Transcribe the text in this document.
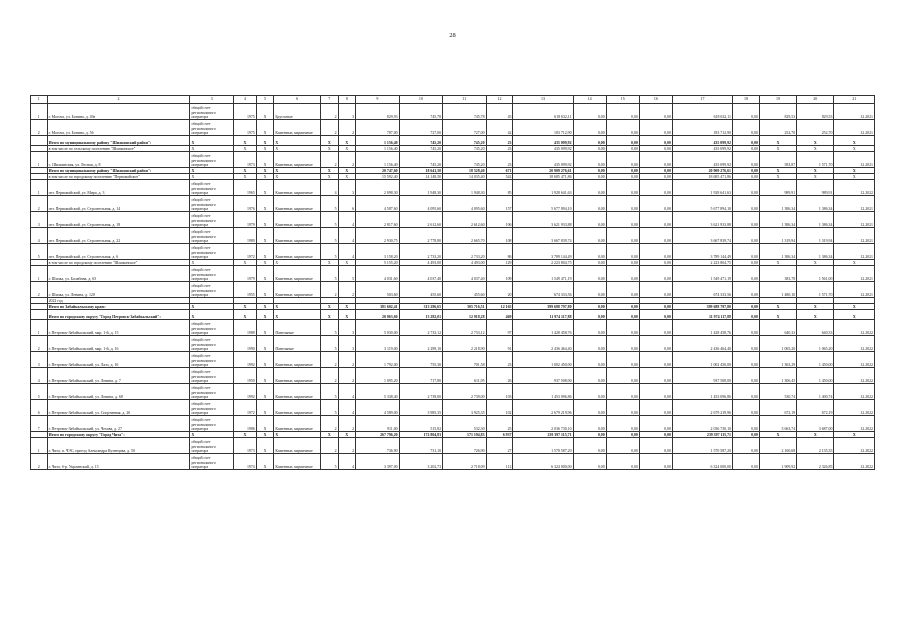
28
1	2	3	4	5	6	7	8	9	10	11	12	13	14	15	16	17	18	19	20	21
1	г. Могоча, ул. Бонина, д. 49а	общий счет регионального оператора	1975	Х	Брусчатые	2	3	829,93	745,78	745,78	45	618 632,11	0,00	0,00	0,00	618 632,11	0,00	829,53	829,53	12.2021
2	г. Могоча, ул. Бонина, д. 56	общий счет регионального оператора	1975	Х	Каменные, кирпичные	2	2	787,00	727,00	727,00	42	183 712,90	0,00	0,00	0,00	183 712,90	0,00	252,70	252,70	12.2021
	Итого по муниципальному району "Шилкинский район":	Х	Х	Х	Х	Х	Х	1 156,40	745,20	745,20	23	435 099,92	0,00	0,00	0,00	435 099,92	0,00	Х	Х	Х
	в том числе по сельскому поселению "Шилкинское"	Х	Х	Х	Х	Х	Х	1 156,40	745,20	745,20	23	435 099,92	0,00	0,00	0,00	435 099,92	0,00	Х	Х	Х
1	с. Шилкинская, ул. Лесная, д. 8	общий счет регионального оператора	1973	Х	Каменные, кирпичные	2	2	1 156,40	745,20	745,20	23	435 099,92	0,00	0,00	0,00	435 099,92	0,00	583,87	1 571,70	12.2021
	Итого по муниципальному району "Шилкинский район":	Х	Х	Х	Х	Х	Х	20 747,60	18 641,50	18 528,40	671	20 909 276,61	0,00	0,00	0,00	20 909 276,61	0,00	Х	Х	Х
	в том числе по городскому поселению "Первомайское"	Х	Х	Х	Х	Х	Х	15 592,40	14 148,50	14 035,40	542	18 685 471,86	0,00	0,00	0,00	18 685 471,86	0,00	Х	Х	Х
1	пгт. Первомайский, ул. Мира, д. 3	общий счет регионального оператора	1965	Х	Каменные, кирпичные	4	3	2 098,30	1 948,30	1 948,30	85	1 928 641,63	0,00	0,00	0,00	1 928 641,63	0,00	989,91	989,91	12.2022
2	пгт. Первомайский, ул. Строительная, д. 14	общий счет регионального оператора	1976	Х	Каменные, кирпичные	5	6	4 587,60	4 095,60	4 095,60	157	5 677 894,10	0,00	0,00	0,00	5 677 894,10	0,00	1 386,34	1 386,34	12.2021
3	пгт. Первомайский, ул. Строительная, д. 18	общий счет регионального оператора	1979	Х	Каменные, кирпичные	5	4	2 817,60	2 612,60	2 612,60	106	3 621 933,88	0,00	0,00	0,00	3 621 933,88	0,00	1 386,34	1 386,34	12.2021
4	пгт. Первомайский, ул. Строительная, д. 22	общий счет регионального оператора	1980	Х	Каменные, кирпичные	5	4	2 930,75	2 778,80	2 665,70	108	3 667 839,74	0,00	0,00	0,00	3 667 839,74	0,00	1 319,94	1 319,94	12.2021
5	пгт. Первомайский, ул. Строительная, д. 6	общий счет регионального оператора	1972	Х	Каменные, кирпичные	5	4	3 158,20	2 733,20	2 733,20	86	3 789 144,49	0,00	0,00	0,00	3 789 144,49	0,00	1 386,34	1 386,34	12.2021
	в том числе по городскому поселению "Шилкинское"	Х	Х	Х	Х	Х	Х	5 155,20	4 493,00	4 493,00	129	2 223 804,75	0,00	0,00	0,00	2 223 804,75	0,00	Х	Х	Х
1	г. Шилка, ул. Балябина, д. 65	общий счет регионального оператора	1979	Х	Каменные, кирпичные	5	5	4 031,60	4 037,40	4 037,40	109	1 549 471,19	0,00	0,00	0,00	1 549 471,19	0,00	383,78	1 561,00	12.2021
2	г. Шилка, ул. Ленина, д. 120	общий счет регионального оператора	1955	Х	Каменные, кирпичные	2	2	503,60	455,60	455,60	20	674 333,56	0,00	0,00	0,00	674 333,56	0,00	1 480,10	1 571,70	12.2021
	2022 год																			
	Итого по Забайкальскому краю:	Х	Х	Х	Х	Х	Х	381 602,41	313 296,65	305 716,51	12 165	399 688 797,80	0,00	0,00	0,00	399 688 797,80	0,00	Х	Х	Х
	Итого по городскому округу "Город Петровск-Забайкальский":	Х	Х	Х	Х	Х	Х	20 063,60	13 282,01	12 918,28	469	11 974 117,88	0,00	0,00	0,00	11 974 117,88	0,00	Х	Х	Х
1	г. Петровск-Забайкальский, мкр. 1-й, д. 15	общий счет регионального оператора	1988	Х	Панельные	5	3	5 030,00	2 733,12	2 733,12	97	1 428 458,76	0,00	0,00	0,00	1 428 458,76	0,00	640,33	640,33	12.2022
2	г. Петровск-Забайкальский, мкр. 1-й, д. 16	общий счет регионального оператора	1990	Х	Панельные	5	3	3 119,00	2 289,10	2 218,90	91	2 436 464,40	0,00	0,00	0,00	2 436 464,40	0,00	1 065,20	1 065,20	12.2022
3	г. Петровск-Забайкальский, ул. Лазо, д. 16	общий счет регионального оператора	1992	Х	Каменные, кирпичные	2	2	1 792,00	755,30	701,58	23	1 002 450,00	0,00	0,00	0,00	1 002 450,00	0,00	1 363,29	1 450,00	12.2022
4	г. Петровск-Забайкальский, ул. Ленина, д. 7	общий счет регионального оператора	1950	Х	Каменные, кирпичные	2	2	1 095,20	717,80	611,95	26	937 508,00	0,00	0,00	0,00	937 508,00	0,00	1 306,45	1 450,00	12.2022
5	г. Петровск-Забайкальский, ул. Ленина, д. 68	общий счет регионального оператора	1992	Х	Каменные, кирпичные	5	4	5 338,40	2 739,00	2 739,00	103	1 453 096,86	0,00	0,00	0,00	1 453 096,86	0,00	530,74	1 400,74	12.2022
6	г. Петровск-Забайкальский, ул. Спортивная, д. 26	общий счет регионального оператора	1972	Х	Каменные, кирпичные	5	4	4 589,00	3 985,35	3 925,35	102	2 679 219,96	0,00	0,00	0,00	2 679 219,96	0,00	672,19	672,19	12.2022
7	г. Петровск-Забайкальский, ул. Чехова, д. 27	общий счет регионального оператора	1986	Х	Каменные, кирпичные	2	2	911,00	515,82	532,30	25	2 036 730,10	0,00	0,00	0,00	2 036 730,10	0,00	3 663,74	3 687,00	12.2022
	Итого по городскому округу "Город Чита":	Х	Х	Х	Х	Х	Х	267 796,20	172 804,83	171 194,83	6 937	239 397 115,71	0,00	0,00	0,00	239 397 115,71	0,00	Х	Х	Х
1	г. Чита, п. ЧЭС, проезд Александра Кузнецова, д. 50	общий счет регионального оператора	1973	Х	Каменные, кирпичные	2	2	736,90	731,10	726,90	27	1 570 587,20	0,00	0,00	0,00	1 570 587,20	0,00	2 160,68	2 135,35	12.2022
2	г. Чита, б-р. Украинский, д. 15	общий счет регионального оператора	1974	Х	Каменные, кирпичные	5	4	3 397,00	3 202,73	2 718,09	112	6 324 000,00	0,00	0,00	0,00	6 324 000,00	0,00	1 909,92	2 326,85	12.2022
